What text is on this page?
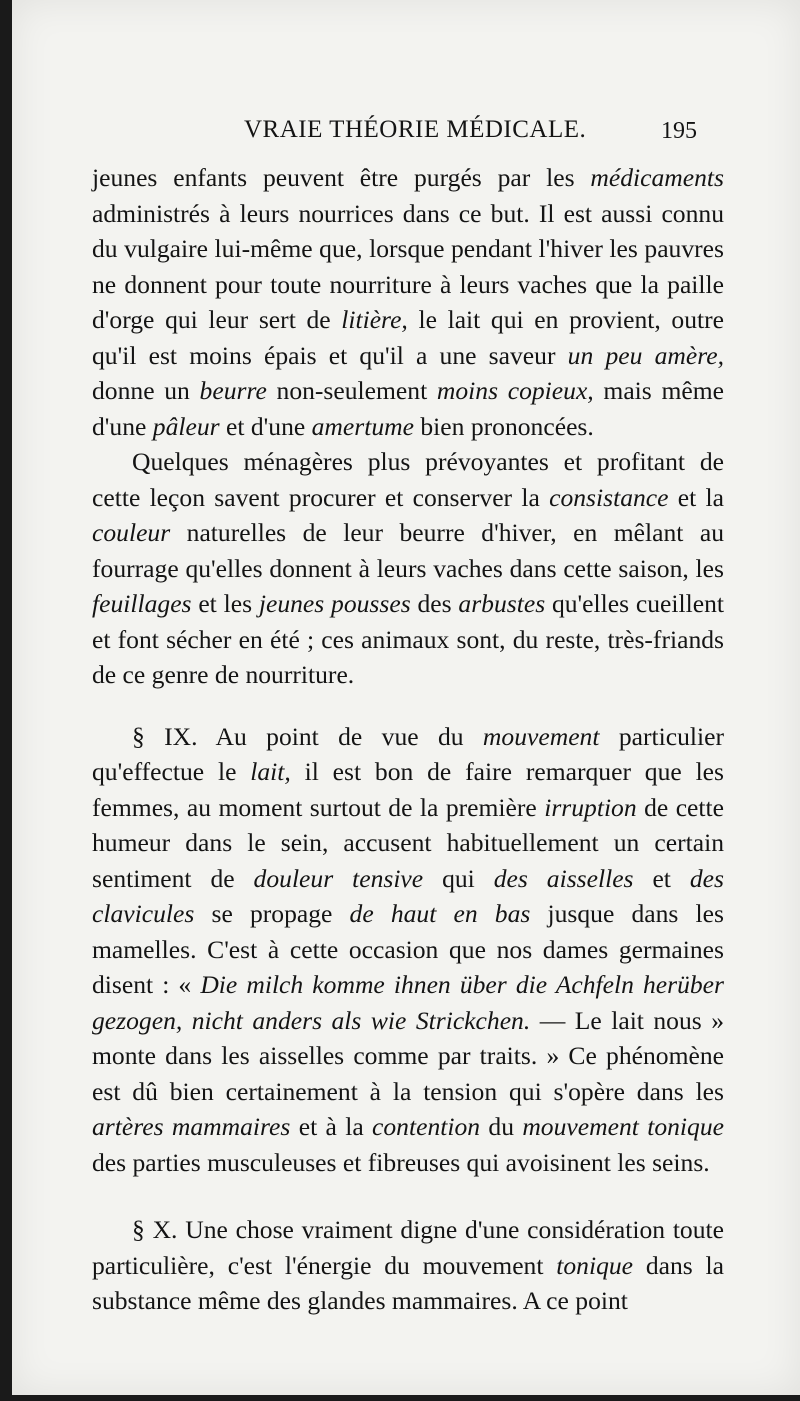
VRAIE THÉORIE MÉDICALE.	195

jeunes enfants peuvent être purgés par les médicaments administrés à leurs nourrices dans ce but. Il est aussi connu du vulgaire lui-même que, lorsque pendant l'hiver les pauvres ne donnent pour toute nourriture à leurs vaches que la paille d'orge qui leur sert de litière, le lait qui en provient, outre qu'il est moins épais et qu'il a une saveur un peu amère, donne un beurre non-seulement moins copieux, mais même d'une pâleur et d'une amertume bien prononcées.

Quelques ménagères plus prévoyantes et profitant de cette leçon savent procurer et conserver la consistance et la couleur naturelles de leur beurre d'hiver, en mêlant au fourrage qu'elles donnent à leurs vaches dans cette saison, les feuillages et les jeunes pousses des arbustes qu'elles cueillent et font sécher en été ; ces animaux sont, du reste, très-friands de ce genre de nourriture.

§ IX. Au point de vue du mouvement particulier qu'effectue le lait, il est bon de faire remarquer que les femmes, au moment surtout de la première irruption de cette humeur dans le sein, accusent habituellement un certain sentiment de douleur tensive qui des aisselles et des clavicules se propage de haut en bas jusque dans les mamelles. C'est à cette occasion que nos dames germaines disent : « Die milch komme ihnen über die Achfeln herüber gezogen, nicht anders als wie Strickchen. — Le lait nous » monte dans les aisselles comme par traits. » Ce phénomène est dû bien certainement à la tension qui s'opère dans les artères mammaires et à la contention du mouvement tonique des parties musculeuses et fibreuses qui avoisinent les seins.

§ X. Une chose vraiment digne d'une considération toute particulière, c'est l'énergie du mouvement tonique dans la substance même des glandes mammaires. A ce point
